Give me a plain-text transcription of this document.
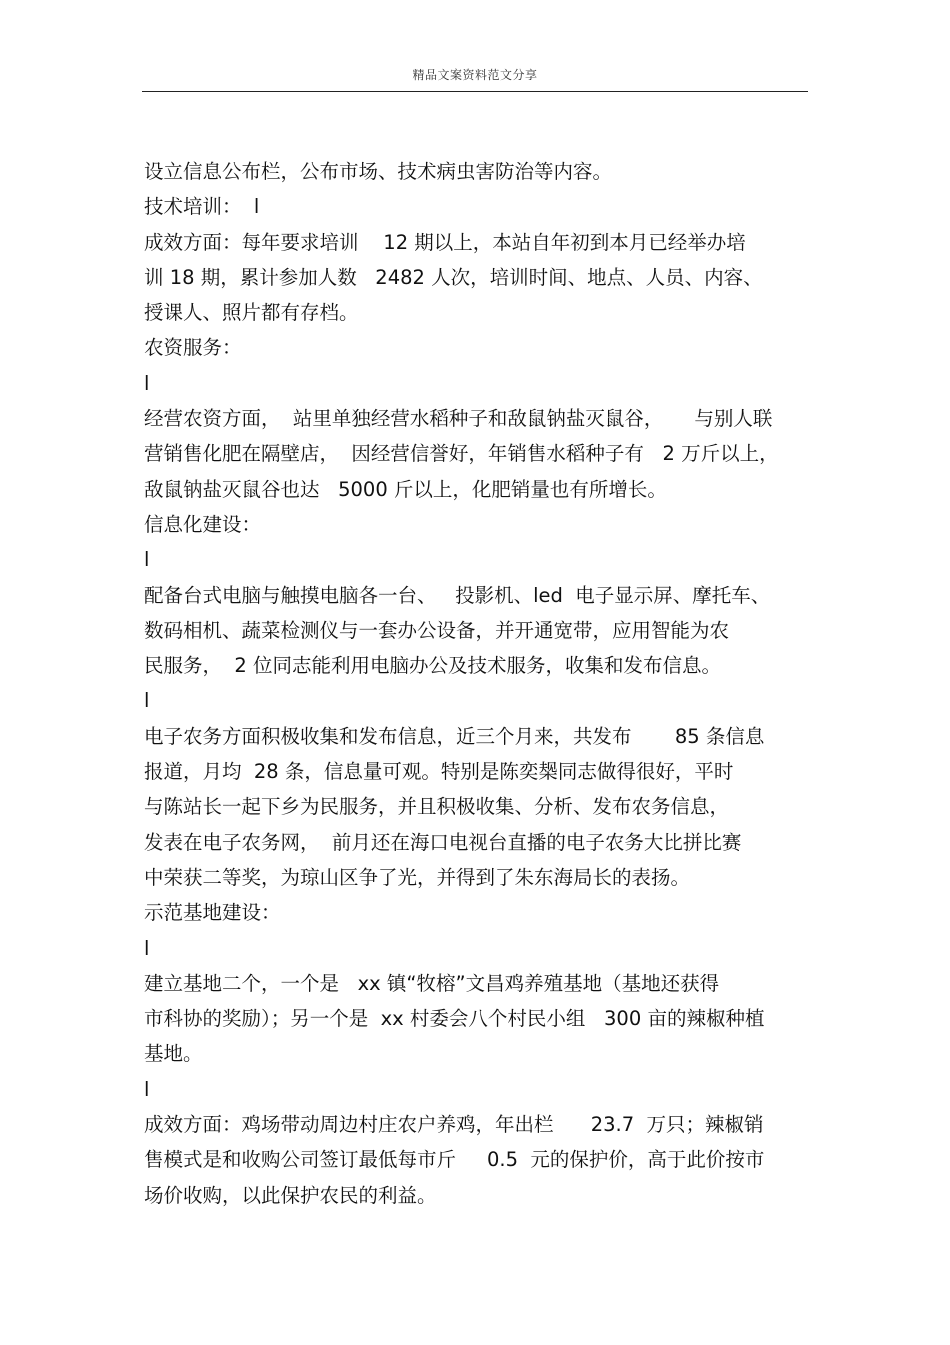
精品文案资料范文分享
设立信息公布栏，公布市场、技术病虫害防治等内容。
技术培训：  l
成效方面：每年要求培训    12 期以上，本站自年初到本月已经举办培
训 18 期，累计参加人数   2482 人次，培训时间、地点、人员、内容、
授课人、照片都有存档。
农资服务：
l
经营农资方面，  站里单独经营水稻种子和敌鼠钠盐灭鼠谷，     与别人联
营销售化肥在隔壁店，  因经营信誉好，年销售水稻种子有   2 万斤以上，
敌鼠钠盐灭鼠谷也达   5000 斤以上，化肥销量也有所增长。
信息化建设：
l
配备台式电脑与触摸电脑各一台、   投影机、led  电子显示屏、摩托车、
数码相机、蔬菜检测仪与一套办公设备，并开通宽带，应用智能为农
民服务，  2 位同志能利用电脑办公及技术服务，收集和发布信息。
l
电子农务方面积极收集和发布信息，近三个月来，共发布       85 条信息
报道，月均  28 条，信息量可观。特别是陈奕椝同志做得很好，平时
与陈站长一起下乡为民服务，并且积极收集、分析、发布农务信息，
发表在电子农务网，  前月还在海口电视台直播的电子农务大比拼比赛
中荣获二等奖，为琼山区争了光，并得到了朱东海局长的表扬。
示范基地建设：
l
建立基地二个，一个是   xx 镇“牧榕”文昌鸡养殖基地（基地还获得
市科协的奖励）；另一个是  xx 村委会八个村民小组   300 亩的辣椒种植
基地。
l
成效方面：鸡场带动周边村庄农户养鸡，年出栏      23.7  万只；辣椒销
售模式是和收购公司签订最低每市斤     0.5  元的保护价，高于此价按市
场价收购，以此保护农民的利益。
